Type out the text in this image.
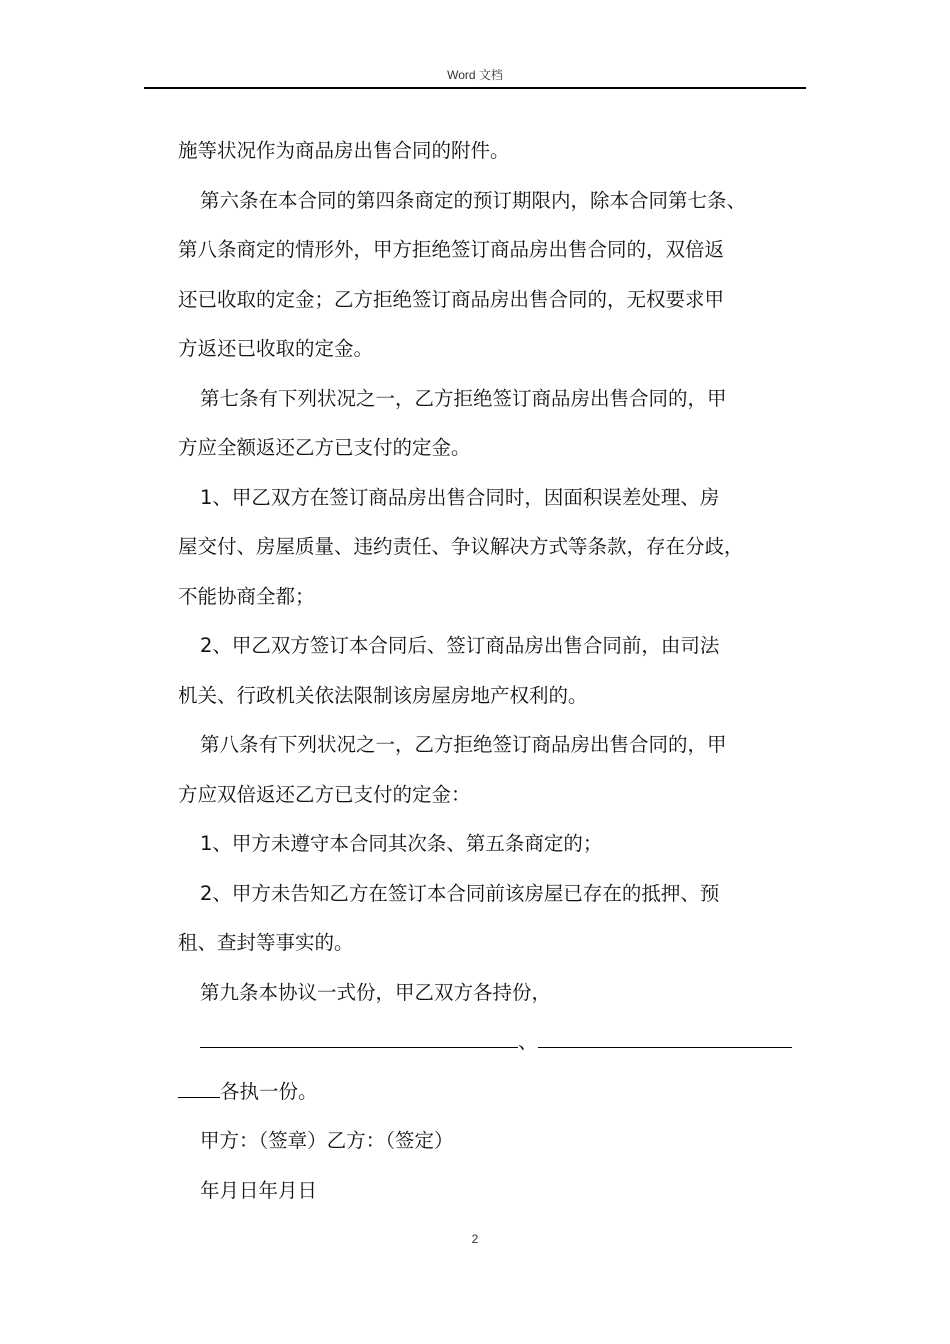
Word 文档

施等状况作为商品房出售合同的附件。

第六条在本合同的第四条商定的预订期限内，除本合同第七条、

第八条商定的情形外，甲方拒绝签订商品房出售合同的，双倍返

还已收取的定金；乙方拒绝签订商品房出售合同的，无权要求甲

方返还已收取的定金。

第七条有下列状况之一，乙方拒绝签订商品房出售合同的，甲

方应全额返还乙方已支付的定金。

1、甲乙双方在签订商品房出售合同时，因面积误差处理、房

屋交付、房屋质量、违约责任、争议解决方式等条款，存在分歧，

不能协商全都；

2、甲乙双方签订本合同后、签订商品房出售合同前，由司法

机关、行政机关依法限制该房屋房地产权利的。

第八条有下列状况之一，乙方拒绝签订商品房出售合同的，甲

方应双倍返还乙方已支付的定金：

1、甲方未遵守本合同其次条、第五条商定的；

2、甲方未告知乙方在签订本合同前该房屋已存在的抵押、预

租、查封等事实的。

第九条本协议一式份，甲乙双方各持份，

、

各执一份。

甲方：（签章）乙方：（签定）

年月日年月日

2
